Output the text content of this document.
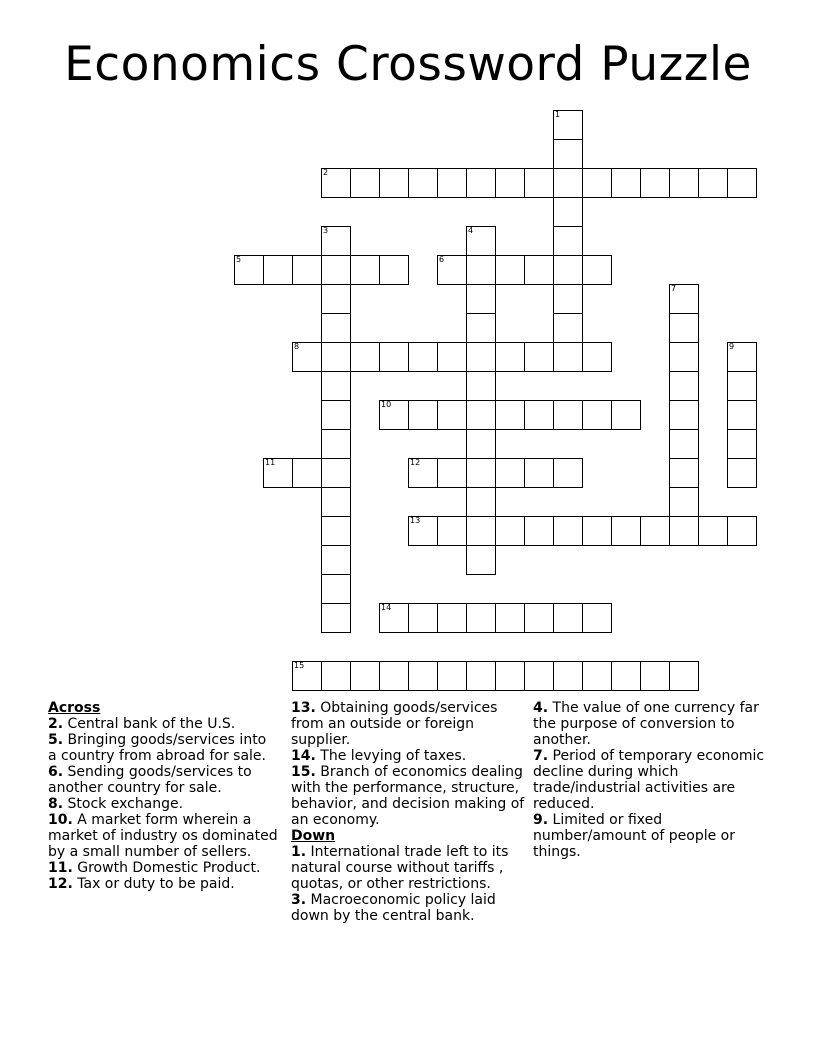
Economics Crossword Puzzle
1
2
3	4
5	6
7
8	9
10
11	12
13
14
15
Across
2. Central bank of the U.S.
5. Bringing goods/services into a country from abroad for sale.
6. Sending goods/services to another country for sale.
8. Stock exchange.
10. A market form wherein a market of industry os dominated by a small number of sellers.
11. Growth Domestic Product.
12. Tax or duty to be paid.
13. Obtaining goods/services from an outside or foreign supplier.
14. The levying of taxes.
15. Branch of economics dealing with the performance, structure, behavior, and decision making of an economy.
Down
1. International trade left to its natural course without tariffs , quotas, or other restrictions.
3. Macroeconomic policy laid down by the central bank.
4. The value of one currency far the purpose of conversion to another.
7. Period of temporary economic decline during which trade/industrial activities are reduced.
9. Limited or fixed number/amount of people or things.
